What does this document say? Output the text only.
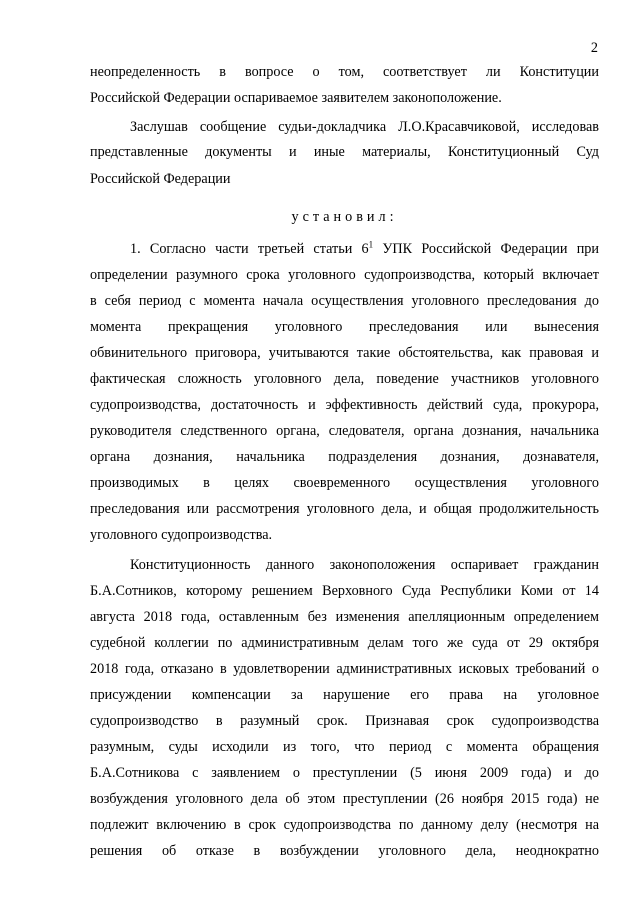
2
неопределенность в вопросе о том, соответствует ли Конституции
Российской Федерации оспариваемое заявителем законоположение.
Заслушав сообщение судьи-докладчика Л.О.Красавчиковой, исследовав
представленные документы и иные материалы, Конституционный Суд
Российской Федерации
установил:
1. Согласно части третьей статьи $6^1$ УПК Российской Федерации при
определении разумного срока уголовного судопроизводства, который включает
в себя период с момента начала осуществления уголовного преследования до
момента прекращения уголовного преследования или вынесения
обвинительного приговора, учитываются такие обстоятельства, как правовая и
фактическая сложность уголовного дела, поведение участников уголовного
судопроизводства, достаточность и эффективность действий суда, прокурора,
руководителя следственного органа, следователя, органа дознания, начальника
органа дознания, начальника подразделения дознания, дознавателя,
производимых в целях своевременного осуществления уголовного
преследования или рассмотрения уголовного дела, и общая продолжительность
уголовного судопроизводства.
Конституционность данного законоположения оспаривает гражданин
Б.А.Сотников, которому решением Верховного Суда Республики Коми от 14
августа 2018 года, оставленным без изменения апелляционным определением
судебной коллегии по административным делам того же суда от 29 октября
2018 года, отказано в удовлетворении административных исковых требований о
присуждении компенсации за нарушение его права на уголовное
судопроизводство в разумный срок. Признавая срок судопроизводства
разумным, суды исходили из того, что период с момента обращения
Б.А.Сотникова с заявлением о преступлении (5 июня 2009 года) и до
возбуждения уголовного дела об этом преступлении (26 ноября 2015 года) не
подлежит включению в срок судопроизводства по данному делу (несмотря на
решения об отказе в возбуждении уголовного дела, неоднократно
